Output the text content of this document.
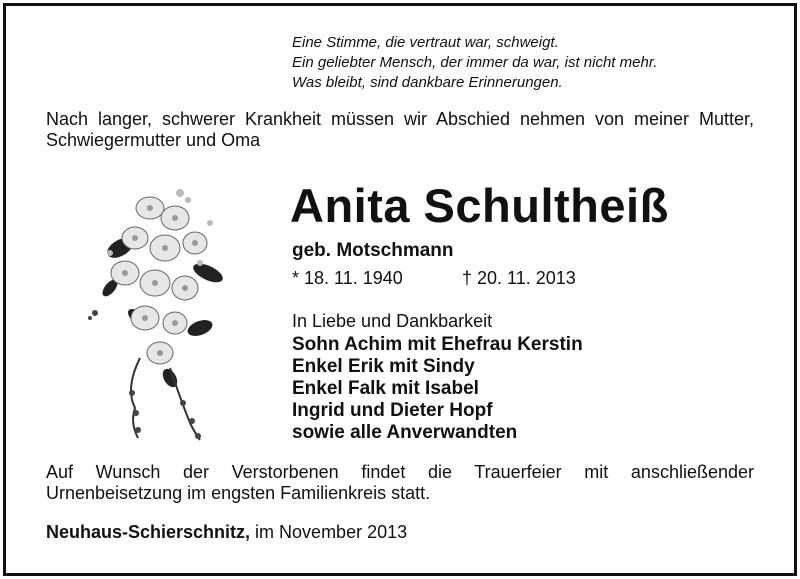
Eine Stimme, die vertraut war, schweigt.
Ein geliebter Mensch, der immer da war, ist nicht mehr.
Was bleibt, sind dankbare Erinnerungen.
Nach langer, schwerer Krankheit müssen wir Abschied nehmen von meiner Mutter, Schwiegermutter und Oma
Anita Schultheiß
geb. Motschmann
* 18. 11. 1940	† 20. 11. 2013
In Liebe und Dankbarkeit
Sohn Achim mit Ehefrau Kerstin
Enkel Erik mit Sindy
Enkel Falk mit Isabel
Ingrid und Dieter Hopf
sowie alle Anverwandten
Auf Wunsch der Verstorbenen findet die Trauerfeier mit anschließender Urnenbeisetzung im engsten Familienkreis statt.
Neuhaus-Schierschnitz, im November 2013
